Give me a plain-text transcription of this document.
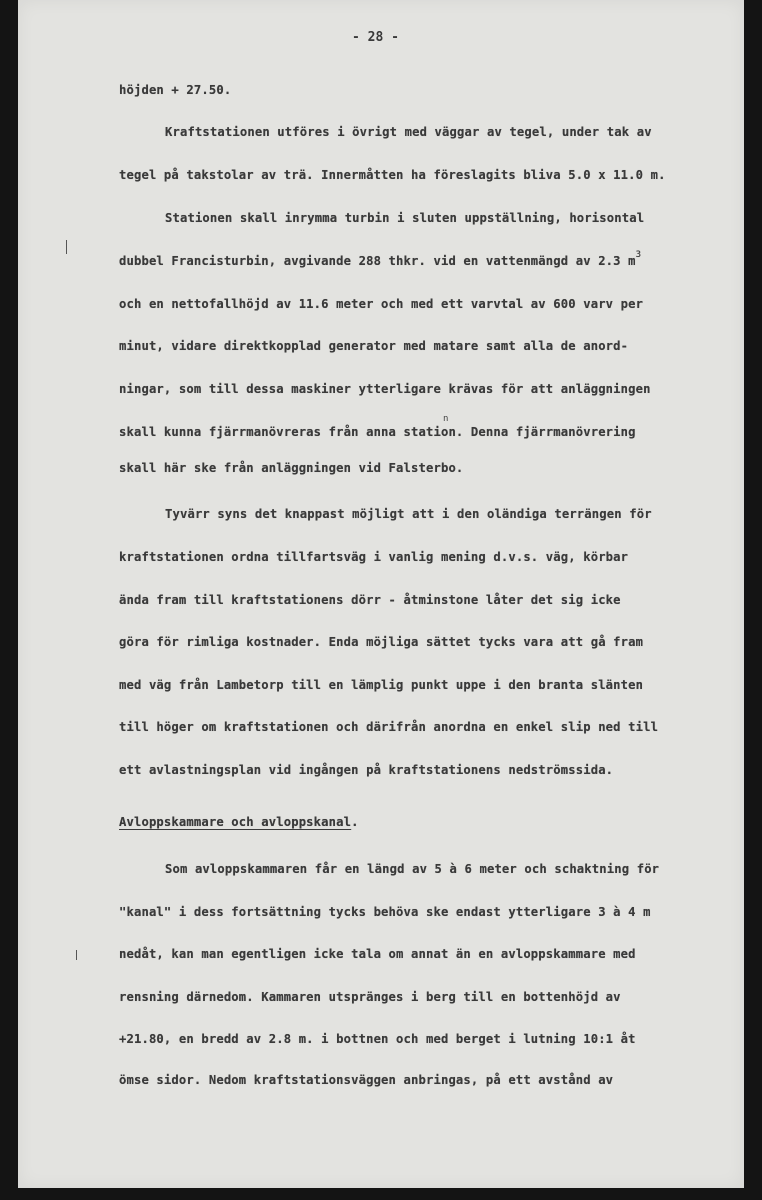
- 28 -

höjden + 27.50.

Kraftstationen utföres i övrigt med väggar av tegel, under tak av

tegel på takstolar av trä. Innermåtten ha föreslagits bliva 5.0 x 11.0 m.

Stationen skall inrymma turbin i sluten uppställning, horisontal

dubbel Francisturbin, avgivande 288 thkr. vid en vattenmängd av 2.3 $m^3$

och en nettofallhöjd av 11.6 meter och med ett varvtal av 600 varv per

minut, vidare direktkopplad generator med matare samt alla de anord-

ningar, som till dessa maskiner ytterligare krävas för att anläggningen

skall kunna fjärrmanövreras från anna station. Denna fjärrmanövrering

n

skall här ske från anläggningen vid Falsterbo.

Tyvärr syns det knappast möjligt att i den oländiga terrängen för

kraftstationen ordna tillfartsväg i vanlig mening d.v.s. väg, körbar

ända fram till kraftstationens dörr - åtminstone låter det sig icke

göra för rimliga kostnader. Enda möjliga sättet tycks vara att gå fram

med väg från Lambetorp till en lämplig punkt uppe i den branta slänten

till höger om kraftstationen och därifrån anordna en enkel slip ned till

ett avlastningsplan vid ingången på kraftstationens nedströmssida.

Avloppskammare och avloppskanal.

Som avloppskammaren får en längd av 5 à 6 meter och schaktning för

"kanal" i dess fortsättning tycks behöva ske endast ytterligare 3 à 4 m

nedåt, kan man egentligen icke tala om annat än en avloppskammare med

rensning därnedom. Kammaren utspränges i berg till en bottenhöjd av

+21.80, en bredd av 2.8 m. i bottnen och med berget i lutning 10:1 åt

ömse sidor. Nedom kraftstationsväggen anbringas, på ett avstånd av
